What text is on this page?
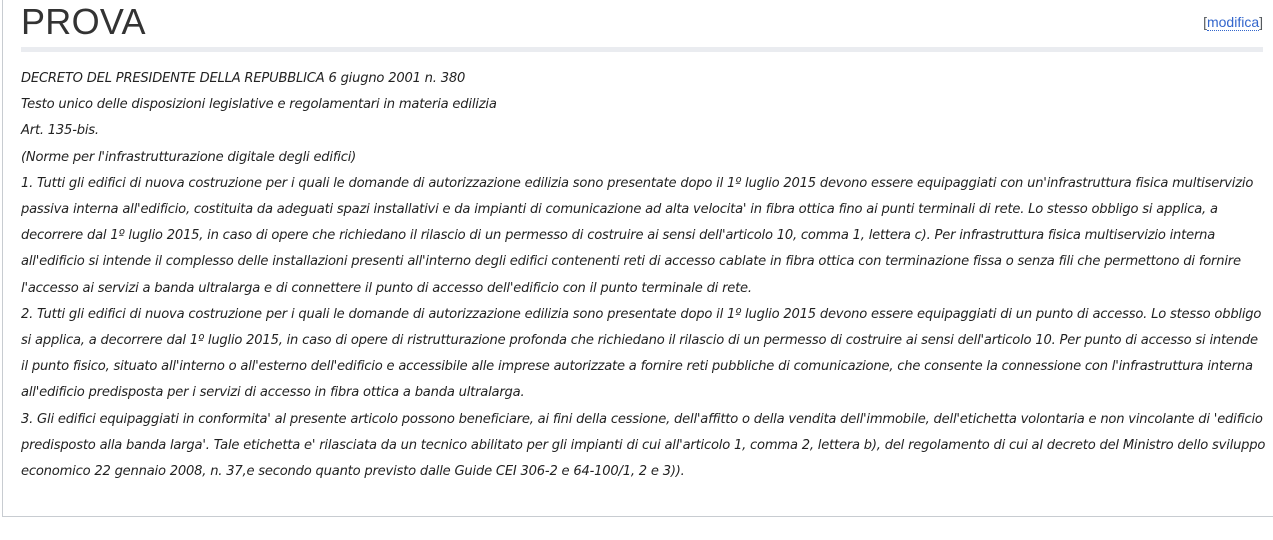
PROVA	[modifica]

DECRETO DEL PRESIDENTE DELLA REPUBBLICA 6 giugno 2001 n. 380

Testo unico delle disposizioni legislative e regolamentari in materia edilizia

Art. 135-bis.

(Norme per l'infrastrutturazione digitale degli edifici)

1. Tutti gli edifici di nuova costruzione per i quali le domande di autorizzazione edilizia sono presentate dopo il 1º luglio 2015 devono essere equipaggiati con un'infrastruttura fisica multiservizio passiva interna all'edificio, costituita da adeguati spazi installativi e da impianti di comunicazione ad alta velocita' in fibra ottica fino ai punti terminali di rete. Lo stesso obbligo si applica, a decorrere dal 1º luglio 2015, in caso di opere che richiedano il rilascio di un permesso di costruire ai sensi dell'articolo 10, comma 1, lettera c). Per infrastruttura fisica multiservizio interna all'edificio si intende il complesso delle installazioni presenti all'interno degli edifici contenenti reti di accesso cablate in fibra ottica con terminazione fissa o senza fili che permettono di fornire l'accesso ai servizi a banda ultralarga e di connettere il punto di accesso dell'edificio con il punto terminale di rete.

2. Tutti gli edifici di nuova costruzione per i quali le domande di autorizzazione edilizia sono presentate dopo il 1º luglio 2015 devono essere equipaggiati di un punto di accesso. Lo stesso obbligo si applica, a decorrere dal 1º luglio 2015, in caso di opere di ristrutturazione profonda che richiedano il rilascio di un permesso di costruire ai sensi dell'articolo 10. Per punto di accesso si intende il punto fisico, situato all'interno o all'esterno dell'edificio e accessibile alle imprese autorizzate a fornire reti pubbliche di comunicazione, che consente la connessione con l'infrastruttura interna all'edificio predisposta per i servizi di accesso in fibra ottica a banda ultralarga.

3. Gli edifici equipaggiati in conformita' al presente articolo possono beneficiare, ai fini della cessione, dell'affitto o della vendita dell'immobile, dell'etichetta volontaria e non vincolante di 'edificio predisposto alla banda larga'. Tale etichetta e' rilasciata da un tecnico abilitato per gli impianti di cui all'articolo 1, comma 2, lettera b), del regolamento di cui al decreto del Ministro dello sviluppo economico 22 gennaio 2008, n. 37,e secondo quanto previsto dalle Guide CEI 306-2 e 64-100/1, 2 e 3)).
